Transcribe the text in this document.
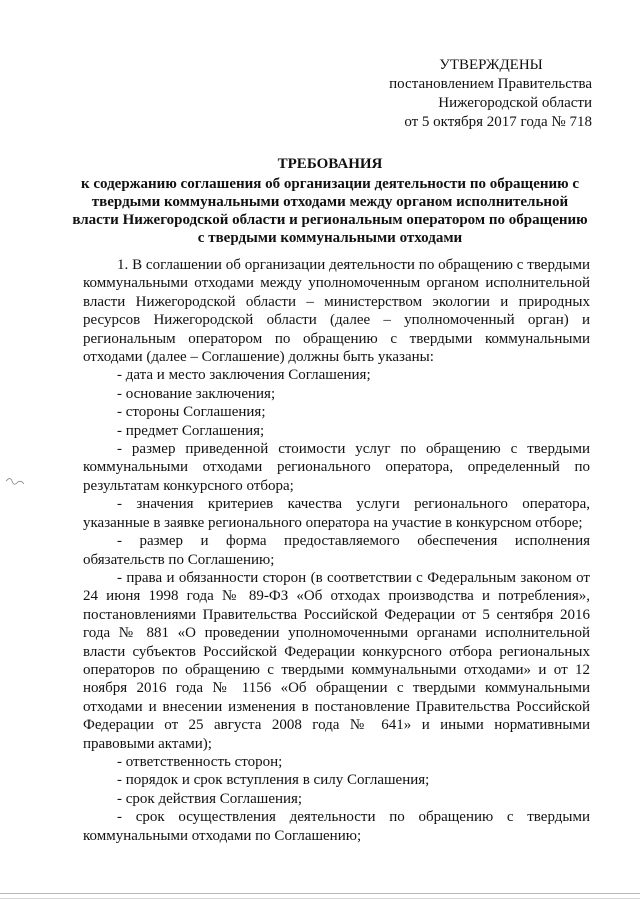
УТВЕРЖДЕНЫ
постановлением Правительства
Нижегородской области
от 5 октября 2017 года № 718
ТРЕБОВАНИЯ
к содержанию соглашения об организации деятельности по обращению с твердыми коммунальными отходами между органом исполнительной власти Нижегородской области и региональным оператором по обращению с твердыми коммунальными отходами

1. В соглашении об организации деятельности по обращению с твердыми коммунальными отходами между уполномоченным органом исполнительной власти Нижегородской области – министерством экологии и природных ресурсов Нижегородской области (далее – уполномоченный орган) и региональным оператором по обращению с твердыми коммунальными отходами (далее – Соглашение) должны быть указаны:

- дата и место заключения Соглашения;

- основание заключения;

- стороны Соглашения;

- предмет Соглашения;

- размер приведенной стоимости услуг по обращению с твердыми коммунальными отходами регионального оператора, определенный по результатам конкурсного отбора;

- значения критериев качества услуги регионального оператора, указанные в заявке регионального оператора на участие в конкурсном отборе;

- размер и форма предоставляемого обеспечения исполнения обязательств по Соглашению;

- права и обязанности сторон (в соответствии с Федеральным законом от 24 июня 1998 года № 89-ФЗ «Об отходах производства и потребления», постановлениями Правительства Российской Федерации от 5 сентября 2016 года № 881 «О проведении уполномоченными органами исполнительной власти субъектов Российской Федерации конкурсного отбора региональных операторов по обращению с твердыми коммунальными отходами» и от 12 ноября 2016 года № 1156 «Об обращении с твердыми коммунальными отходами и внесении изменения в постановление Правительства Российской Федерации от 25 августа 2008 года № 641» и иными нормативными правовыми актами);

- ответственность сторон;

- порядок и срок вступления в силу Соглашения;

- срок действия Соглашения;

- срок осуществления деятельности по обращению с твердыми коммунальными отходами по Соглашению;
